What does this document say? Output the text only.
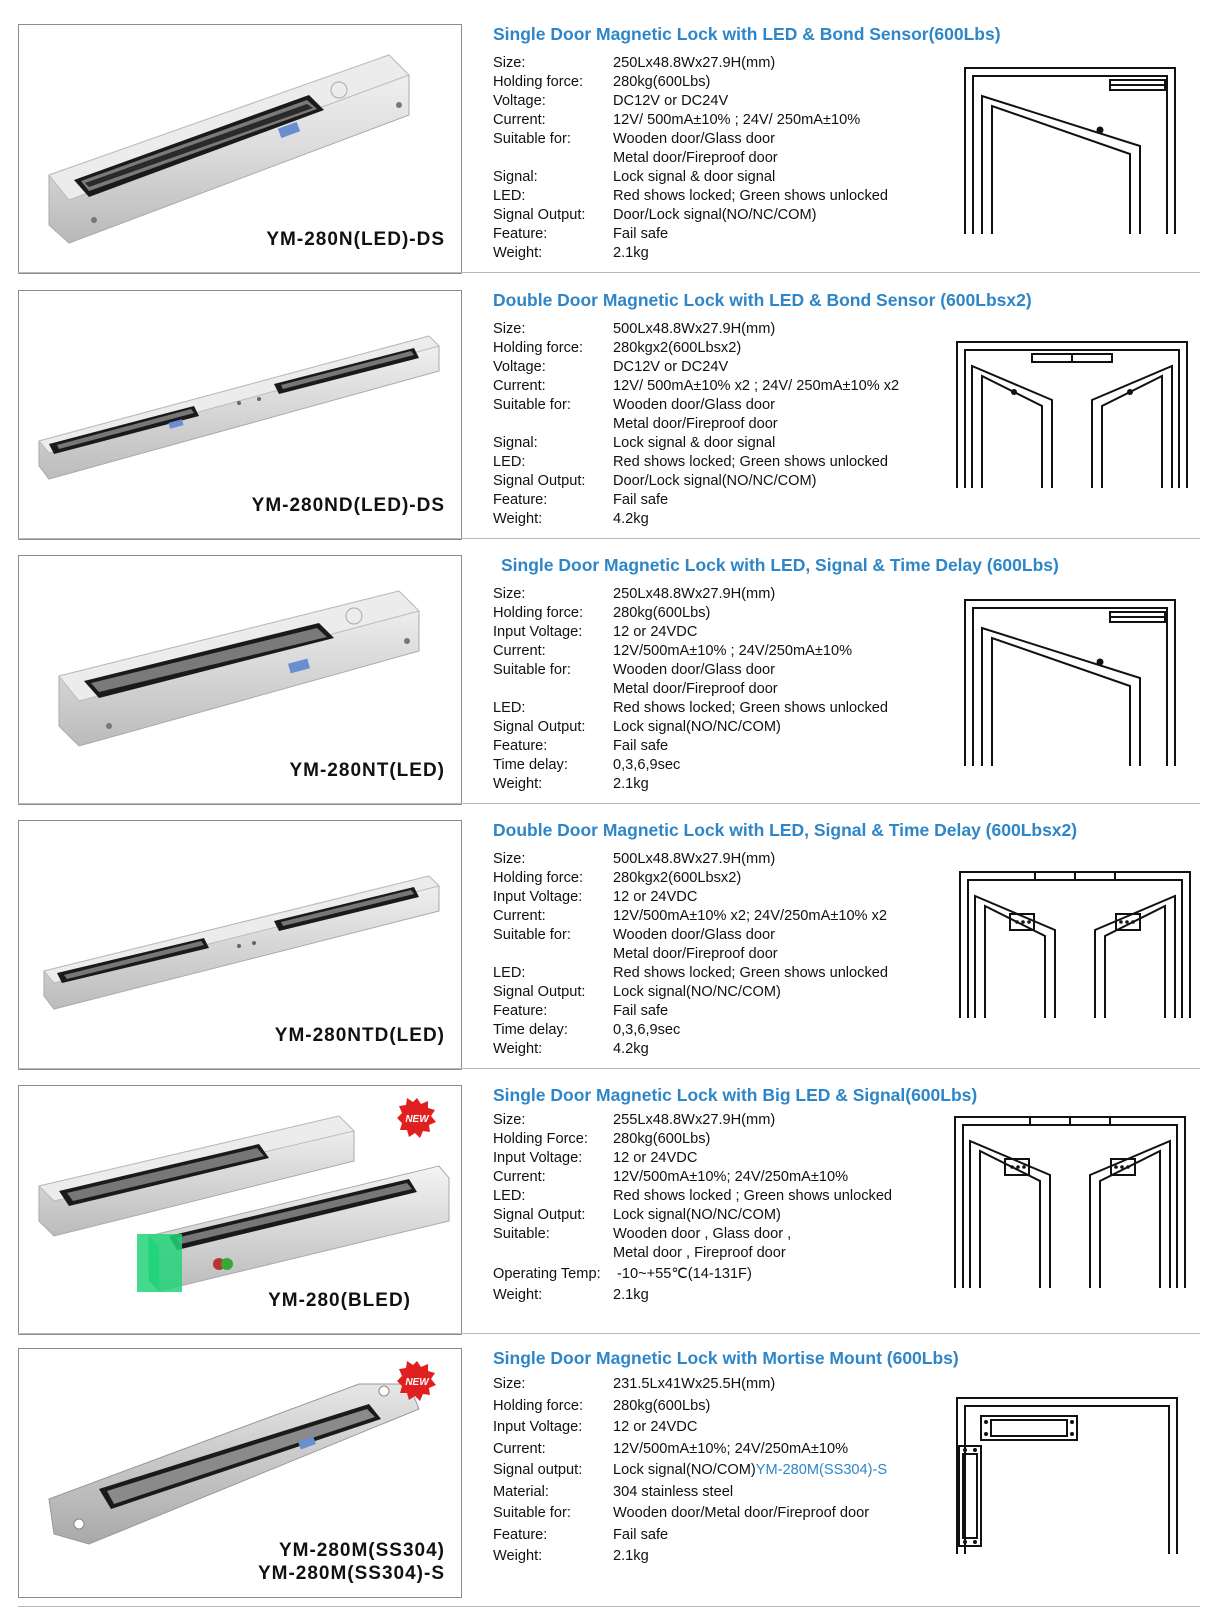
YM-280N(LED)-DS
Single Door Magnetic Lock with LED & Bond Sensor(600Lbs)
Size:	250Lx48.8Wx27.9H(mm)
Holding force: 280kg(600Lbs)
Voltage:	DC12V or DC24V
Current:	12V/ 500mA±10% ; 24V/ 250mA±10%
Suitable for:	Wooden door/Glass door
Metal door/Fireproof door
Signal:	Lock signal & door signal
LED:	Red shows locked; Green shows unlocked
Signal Output: Door/Lock signal(NO/NC/COM)
Feature:	Fail safe
Weight:	2.1kg
YM-280ND(LED)-DS
Double Door Magnetic Lock with LED & Bond Sensor (600Lbsx2)
Size:	500Lx48.8Wx27.9H(mm)
Holding force: 280kgx2(600Lbsx2)
Voltage:	DC12V or DC24V
Current:	12V/ 500mA±10% x2 ; 24V/ 250mA±10% x2
Suitable for:	Wooden door/Glass door
Metal door/Fireproof door
Signal:	Lock signal & door signal
LED:	Red shows locked; Green shows unlocked
Signal Output: Door/Lock signal(NO/NC/COM)
Feature:	Fail safe
Weight:	4.2kg
YM-280NT(LED)
Single Door Magnetic Lock with LED, Signal & Time Delay (600Lbs)
Size:	250Lx48.8Wx27.9H(mm)
Holding force: 280kg(600Lbs)
Input Voltage: 12 or 24VDC
Current:	12V/500mA±10% ; 24V/250mA±10%
Suitable for:	Wooden door/Glass door
Metal door/Fireproof door
LED:	Red shows locked; Green shows unlocked
Signal Output: Lock signal(NO/NC/COM)
Feature:	Fail safe
Time delay:	0,3,6,9sec
Weight:	2.1kg
YM-280NTD(LED)
Double Door Magnetic Lock with LED, Signal & Time Delay (600Lbsx2)
Size:	500Lx48.8Wx27.9H(mm)
Holding force: 280kgx2(600Lbsx2)
Input Voltage: 12 or 24VDC
Current:	12V/500mA±10% x2; 24V/250mA±10% x2
Suitable for:	Wooden door/Glass door
Metal door/Fireproof door
LED:	Red shows locked; Green shows unlocked
Signal Output: Lock signal(NO/NC/COM)
Feature:	Fail safe
Time delay:	0,3,6,9sec
Weight:	4.2kg
NEW
YM-280(BLED)
Single Door Magnetic Lock with Big LED & Signal(600Lbs)
Size:	255Lx48.8Wx27.9H(mm)
Holding Force: 280kg(600Lbs)
Input Voltage: 12 or 24VDC
Current:	12V/500mA±10%; 24V/250mA±10%
LED:	Red shows locked ; Green shows unlocked
Signal Output: Lock signal(NO/NC/COM)
Suitable:	Wooden door , Glass door ,
Metal door , Fireproof door
Operating Temp: -10~+55℃(14-131F)
Weight:	2.1kg
NEW
YM-280M(SS304)
YM-280M(SS304)-S
Single Door Magnetic Lock with Mortise Mount (600Lbs)
Size:	231.5Lx41Wx25.5H(mm)
Holding force: 280kg(600Lbs)
Input Voltage: 12 or 24VDC
Current:	12V/500mA±10%; 24V/250mA±10%
Signal output: Lock signal(NO/COM)YM-280M(SS304)-S
Material:	304 stainless steel
Suitable for:	Wooden door/Metal door/Fireproof door
Feature:	Fail safe
Weight:	2.1kg
